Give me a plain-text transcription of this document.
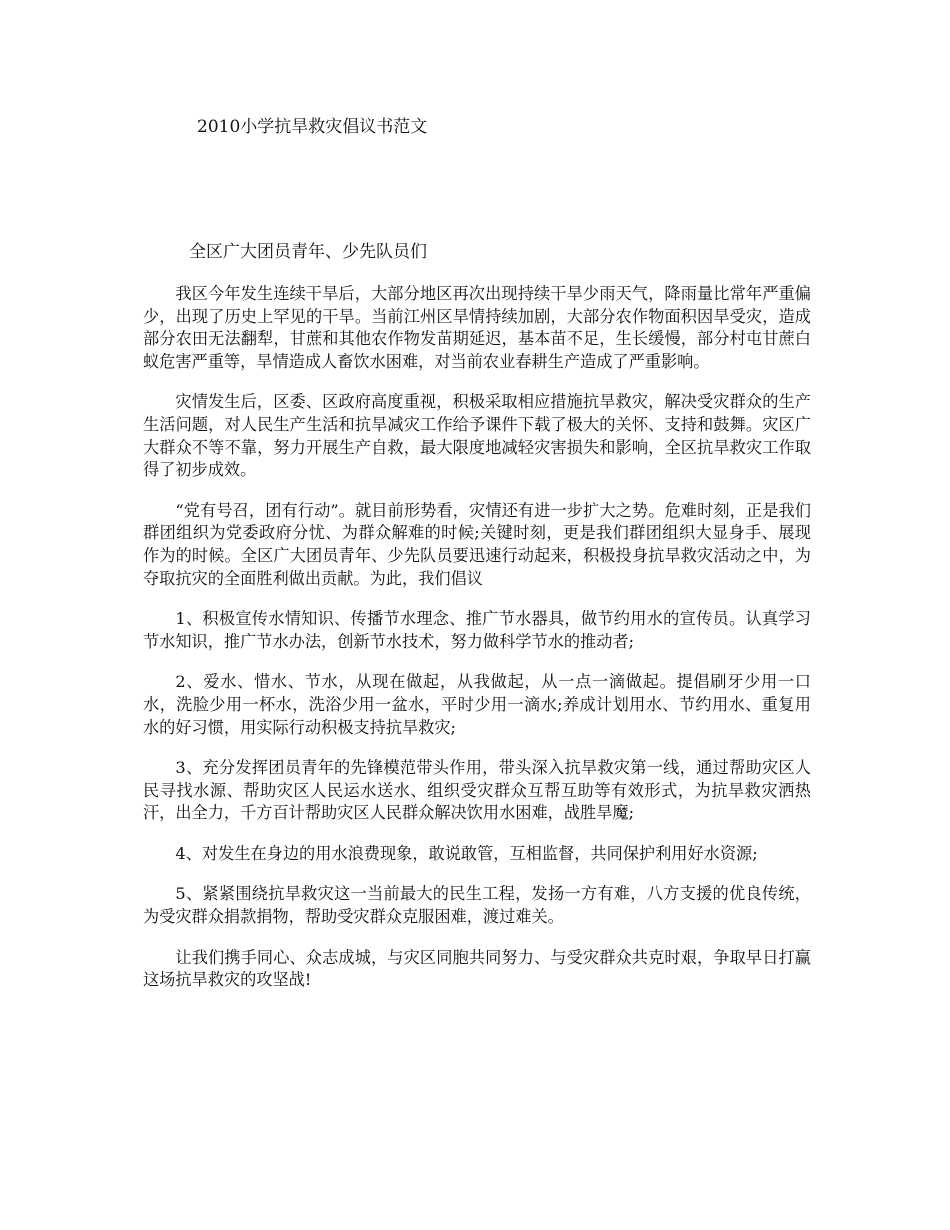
2010小学抗旱救灾倡议书范文
全区广大团员青年、少先队员们

我区今年发生连续干旱后，大部分地区再次出现持续干旱少雨天气，降雨量比常年严重偏少，出现了历史上罕见的干旱。当前江州区旱情持续加剧，大部分农作物面积因旱受灾，造成部分农田无法翻犁，甘蔗和其他农作物发苗期延迟，基本苗不足，生长缓慢，部分村屯甘蔗白蚁危害严重等，旱情造成人畜饮水困难，对当前农业春耕生产造成了严重影响。

灾情发生后，区委、区政府高度重视，积极采取相应措施抗旱救灾，解决受灾群众的生产生活问题，对人民生产生活和抗旱减灾工作给予课件下载了极大的关怀、支持和鼓舞。灾区广大群众不等不靠，努力开展生产自救，最大限度地减轻灾害损失和影响，全区抗旱救灾工作取得了初步成效。

“党有号召，团有行动”。就目前形势看，灾情还有进一步扩大之势。危难时刻，正是我们群团组织为党委政府分忧、为群众解难的时候;关键时刻，更是我们群团组织大显身手、展现作为的时候。全区广大团员青年、少先队员要迅速行动起来，积极投身抗旱救灾活动之中，为夺取抗灾的全面胜利做出贡献。为此，我们倡议

1、积极宣传水情知识、传播节水理念、推广节水器具，做节约用水的宣传员。认真学习节水知识，推广节水办法，创新节水技术，努力做科学节水的推动者;

2、爱水、惜水、节水，从现在做起，从我做起，从一点一滴做起。提倡刷牙少用一口水，洗脸少用一杯水，洗浴少用一盆水，平时少用一滴水;养成计划用水、节约用水、重复用水的好习惯，用实际行动积极支持抗旱救灾;

3、充分发挥团员青年的先锋模范带头作用，带头深入抗旱救灾第一线，通过帮助灾区人民寻找水源、帮助灾区人民运水送水、组织受灾群众互帮互助等有效形式，为抗旱救灾洒热汗，出全力，千方百计帮助灾区人民群众解决饮用水困难，战胜旱魔;

4、对发生在身边的用水浪费现象，敢说敢管，互相监督，共同保护利用好水资源;

5、紧紧围绕抗旱救灾这一当前最大的民生工程，发扬一方有难，八方支援的优良传统，为受灾群众捐款捐物，帮助受灾群众克服困难，渡过难关。

让我们携手同心、众志成城，与灾区同胞共同努力、与受灾群众共克时艰，争取早日打赢这场抗旱救灾的攻坚战!
